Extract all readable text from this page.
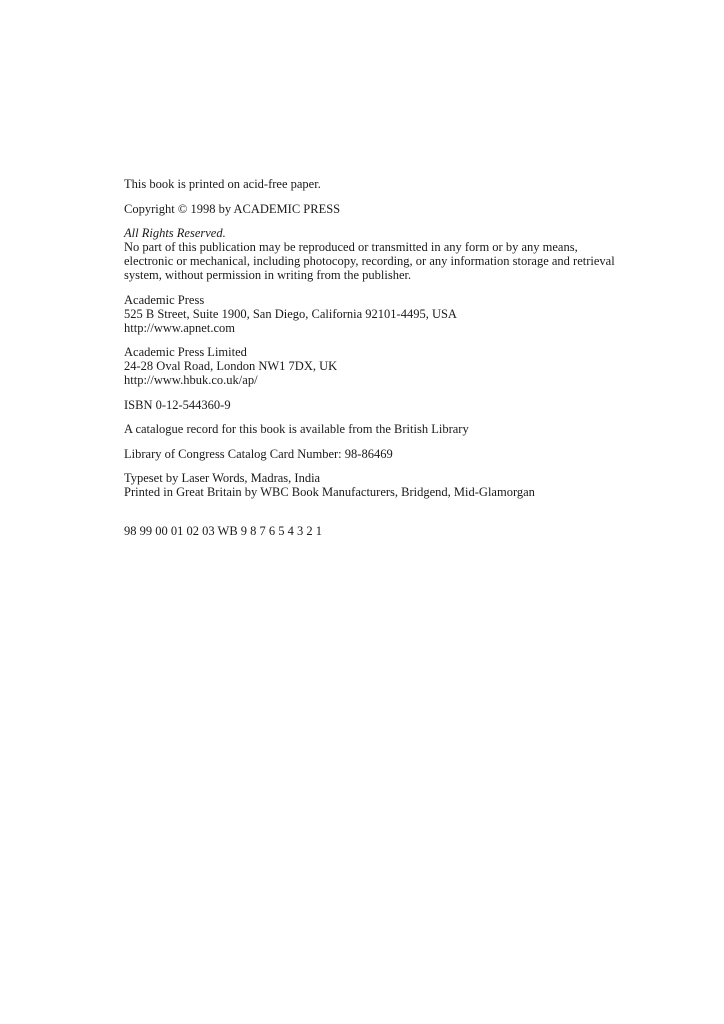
This book is printed on acid-free paper.
Copyright © 1998 by ACADEMIC PRESS
All Rights Reserved.
No part of this publication may be reproduced or transmitted in any form or by any means,
electronic or mechanical, including photocopy, recording, or any information storage and retrieval
system, without permission in writing from the publisher.
Academic Press
525 B Street, Suite 1900, San Diego, California 92101-4495, USA
http://www.apnet.com
Academic Press Limited
24-28 Oval Road, London NW1 7DX, UK
http://www.hbuk.co.uk/ap/
ISBN 0-12-544360-9
A catalogue record for this book is available from the British Library
Library of Congress Catalog Card Number: 98-86469
Typeset by Laser Words, Madras, India
Printed in Great Britain by WBC Book Manufacturers, Bridgend, Mid-Glamorgan
98 99 00 01 02 03 WB 9 8 7 6 5 4 3 2 1
